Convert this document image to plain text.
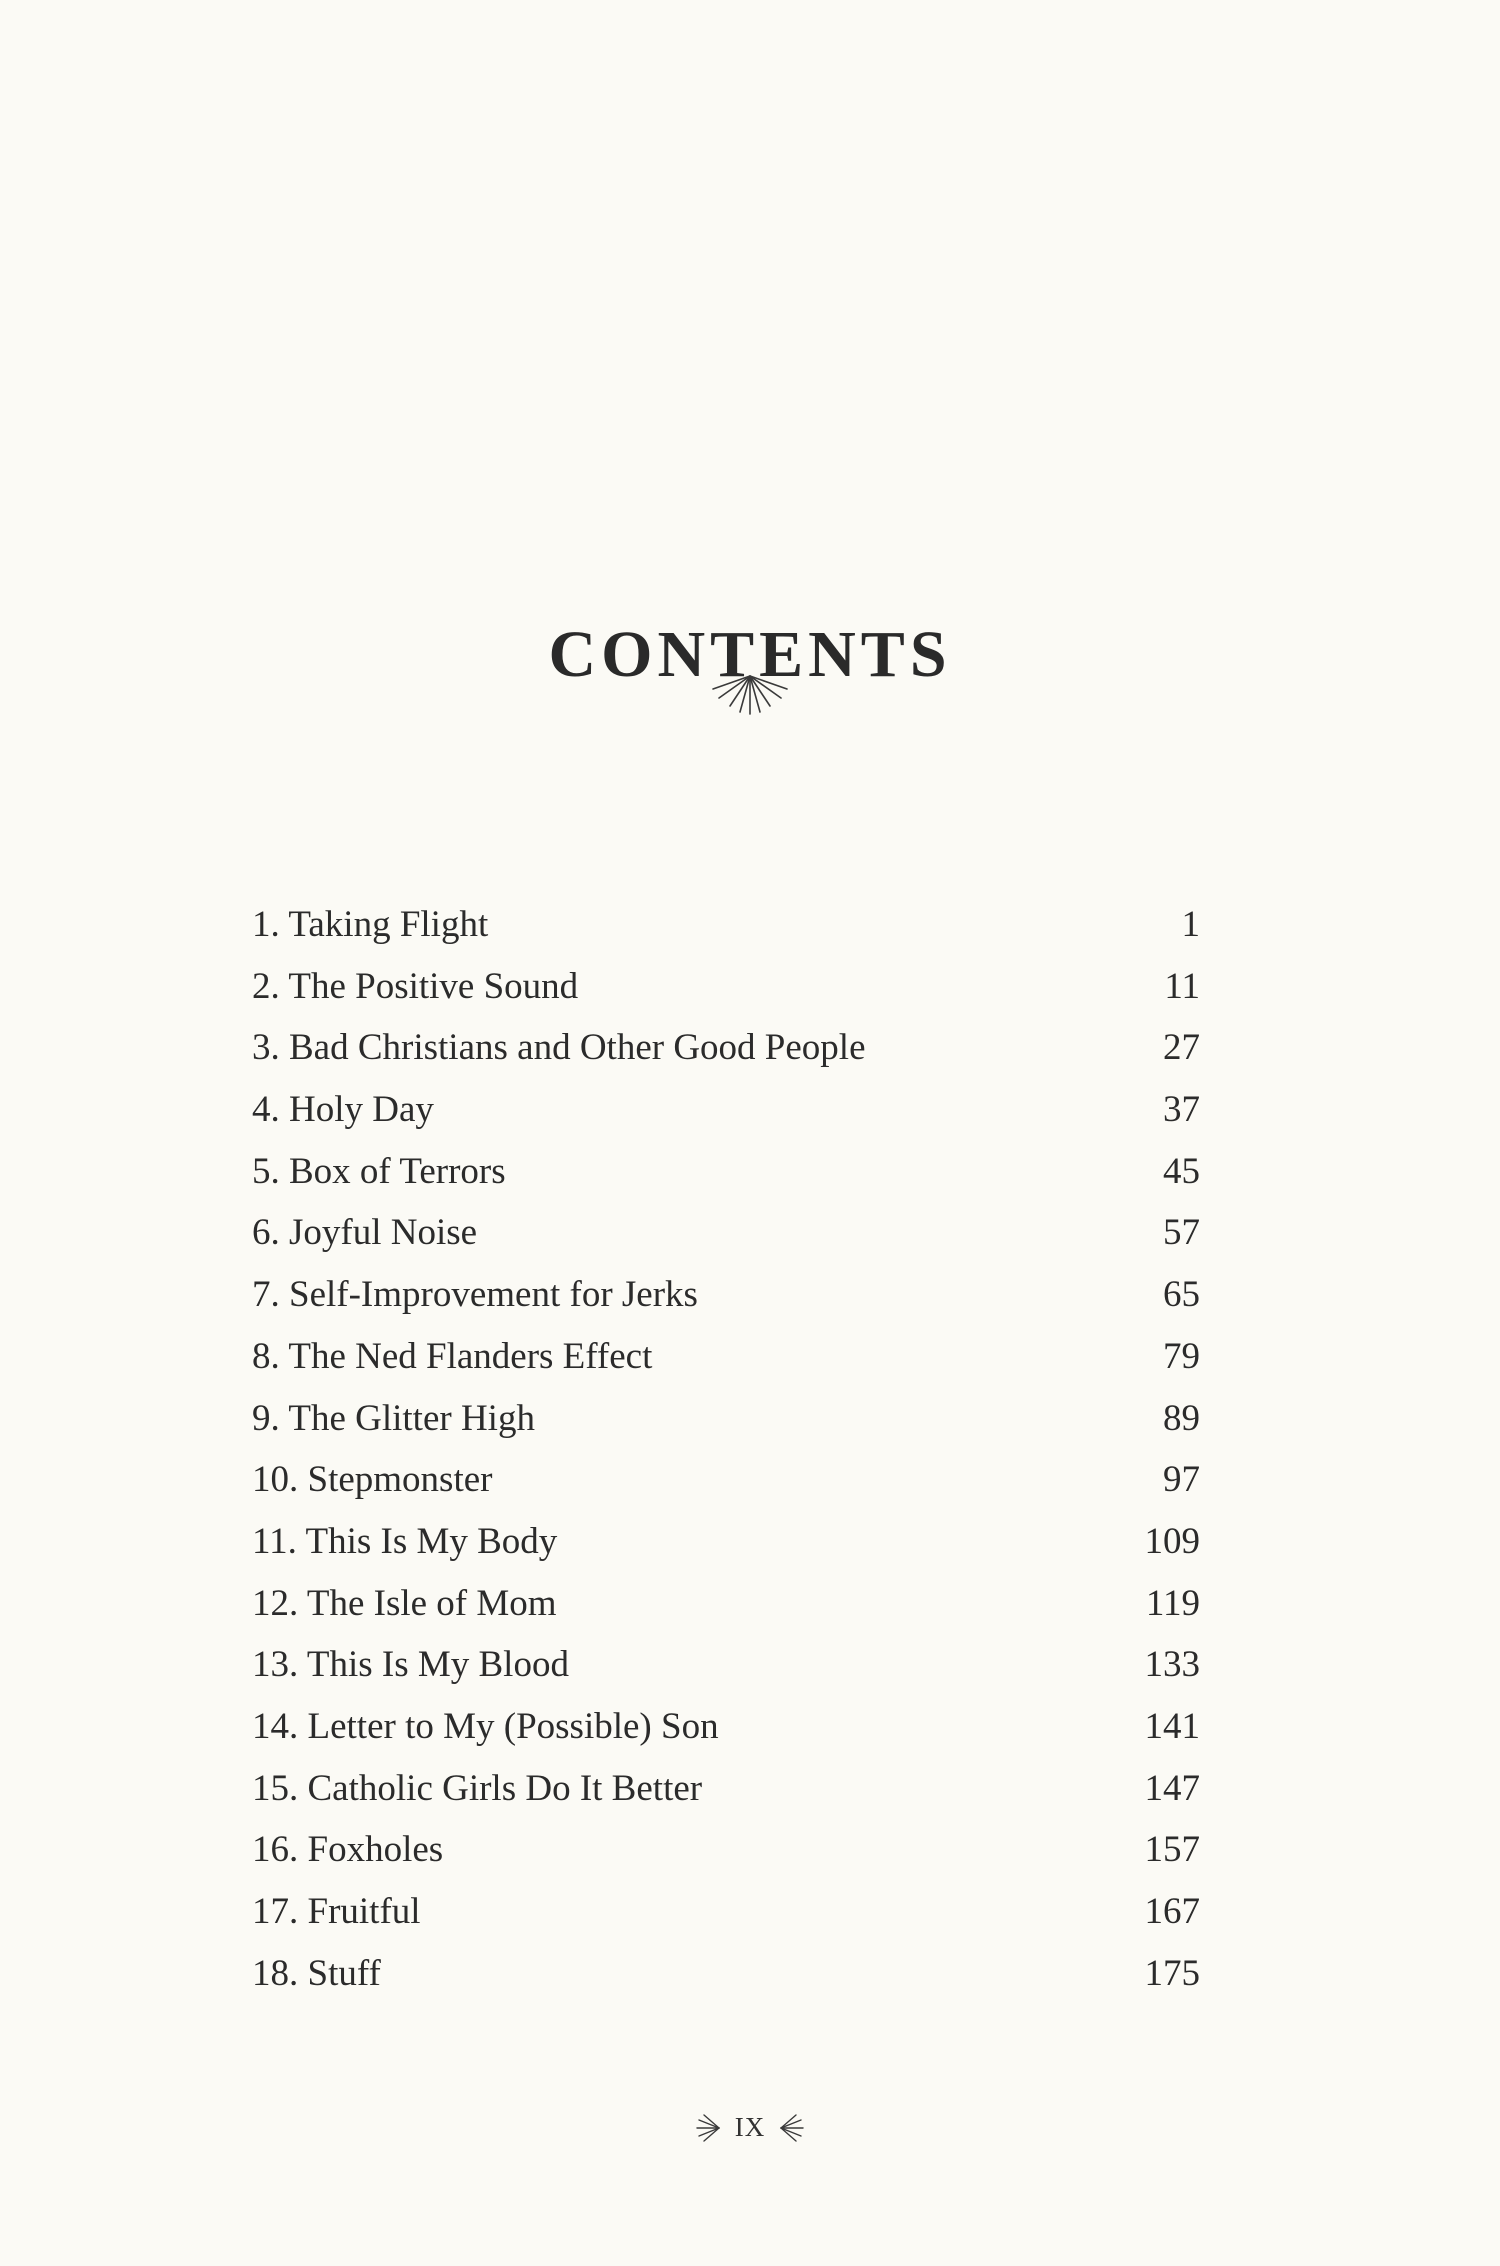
CONTENTS
1. Taking Flight	1
2. The Positive Sound	11
3. Bad Christians and Other Good People	27
4. Holy Day	37
5. Box of Terrors	45
6. Joyful Noise	57
7. Self-Improvement for Jerks	65
8. The Ned Flanders Effect	79
9. The Glitter High	89
10. Stepmonster	97
11. This Is My Body	109
12. The Isle of Mom	119
13. This Is My Blood	133
14. Letter to My (Possible) Son	141
15. Catholic Girls Do It Better	147
16. Foxholes	157
17. Fruitful	167
18. Stuff	175
IX
